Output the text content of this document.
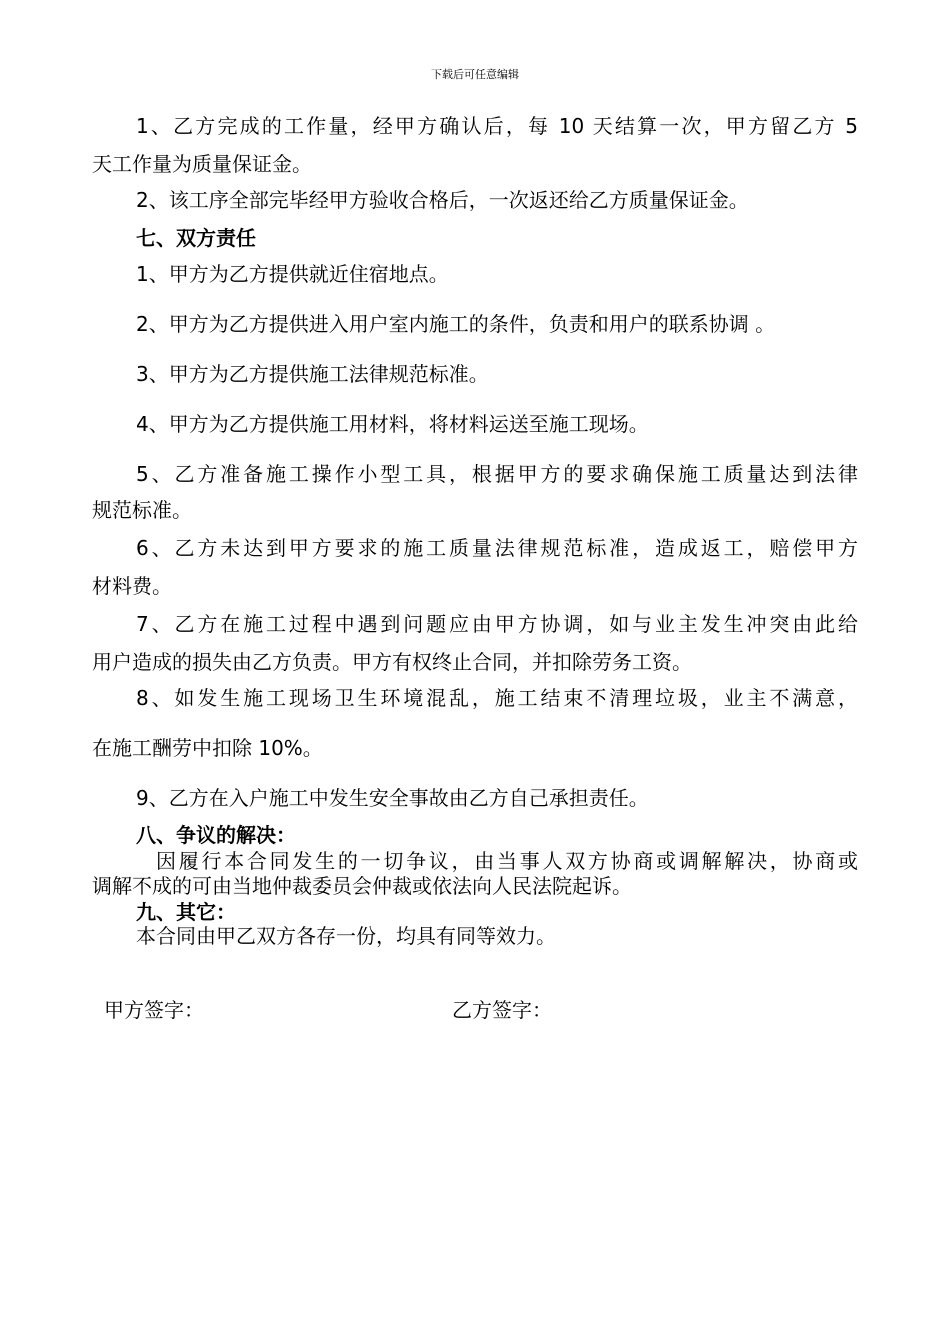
下载后可任意编辑
1、乙方完成的工作量，经甲方确认后，每 10 天结算一次，甲方留乙方 5
天工作量为质量保证金。
2、该工序全部完毕经甲方验收合格后，一次返还给乙方质量保证金。
七、双方责任
1、甲方为乙方提供就近住宿地点。
2、甲方为乙方提供进入用户室内施工的条件，负责和用户的联系协调 。
3、甲方为乙方提供施工法律规范标准。
4、甲方为乙方提供施工用材料，将材料运送至施工现场。
5、乙方准备施工操作小型工具，根据甲方的要求确保施工质量达到法律
规范标准。
6、乙方未达到甲方要求的施工质量法律规范标准，造成返工，赔偿甲方
材料费。
7、乙方在施工过程中遇到问题应由甲方协调，如与业主发生冲突由此给
用户造成的损失由乙方负责。甲方有权终止合同，并扣除劳务工资。
8、如发生施工现场卫生环境混乱，施工结束不清理垃圾，业主不满意，
在施工酬劳中扣除 10%。
9、乙方在入户施工中发生安全事故由乙方自己承担责任。
八、争议的解决：
因履行本合同发生的一切争议，由当事人双方协商或调解解决，协商或
调解不成的可由当地仲裁委员会仲裁或依法向人民法院起诉。
九、其它：
本合同由甲乙双方各存一份，均具有同等效力。
甲方签字：	乙方签字：
